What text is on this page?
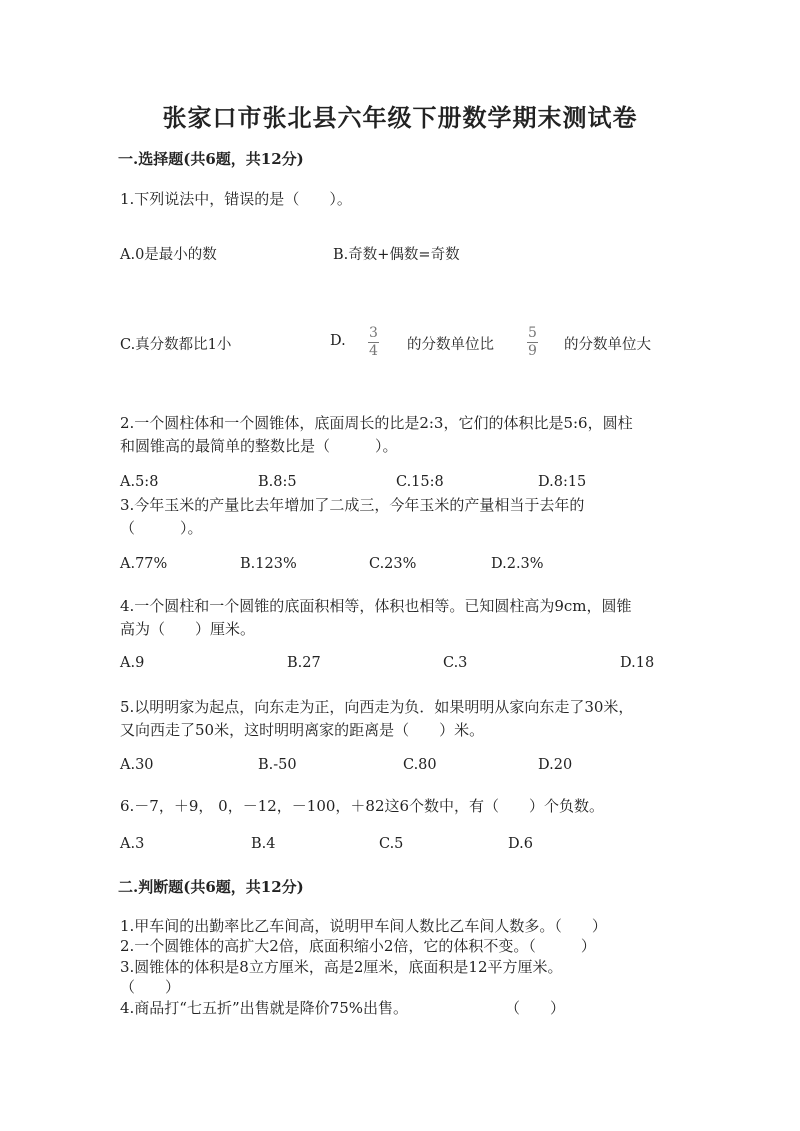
张家口市张北县六年级下册数学期末测试卷
一.选择题(共6题，共12分)
1.下列说法中，错误的是（　　）。
A.0是最小的数	B.奇数+偶数=奇数
C.真分数都比1小	D. 3
4 的分数单位比
5
9 的分数单位大
2.一个圆柱体和一个圆锥体，底面周长的比是2:3，它们的体积比是5:6，圆柱
和圆锥高的最简单的整数比是（　　　）。
A.5:8	B.8:5	C.15:8	D.8:15
3.今年玉米的产量比去年增加了二成三，今年玉米的产量相当于去年的
（　　　）。
A.77%	B.123%	C.23%	D.2.3%
4.一个圆柱和一个圆锥的底面积相等，体积也相等。已知圆柱高为9cm，圆锥
高为（　　）厘米。
A.9	B.27	C.3	D.18
5.以明明家为起点，向东走为正，向西走为负．如果明明从家向东走了30米，
又向西走了50米，这时明明离家的距离是（　　）米。
A.30	B.-50	C.80	D.20
6.－7，＋9， 0，－12，－100，＋82这6个数中，有（　　）个负数。
A.3	B.4	C.5	D.6
二.判断题(共6题，共12分)
1.甲车间的出勤率比乙车间高，说明甲车间人数比乙车间人数多。（　　）
2.一个圆锥体的高扩大2倍，底面积缩小2倍，它的体积不变。（　　　）
3.圆锥体的体积是8立方厘米，高是2厘米，底面积是12平方厘米。
（　　）
4.商品打“七五折”出售就是降价75%出售。	（　　）
